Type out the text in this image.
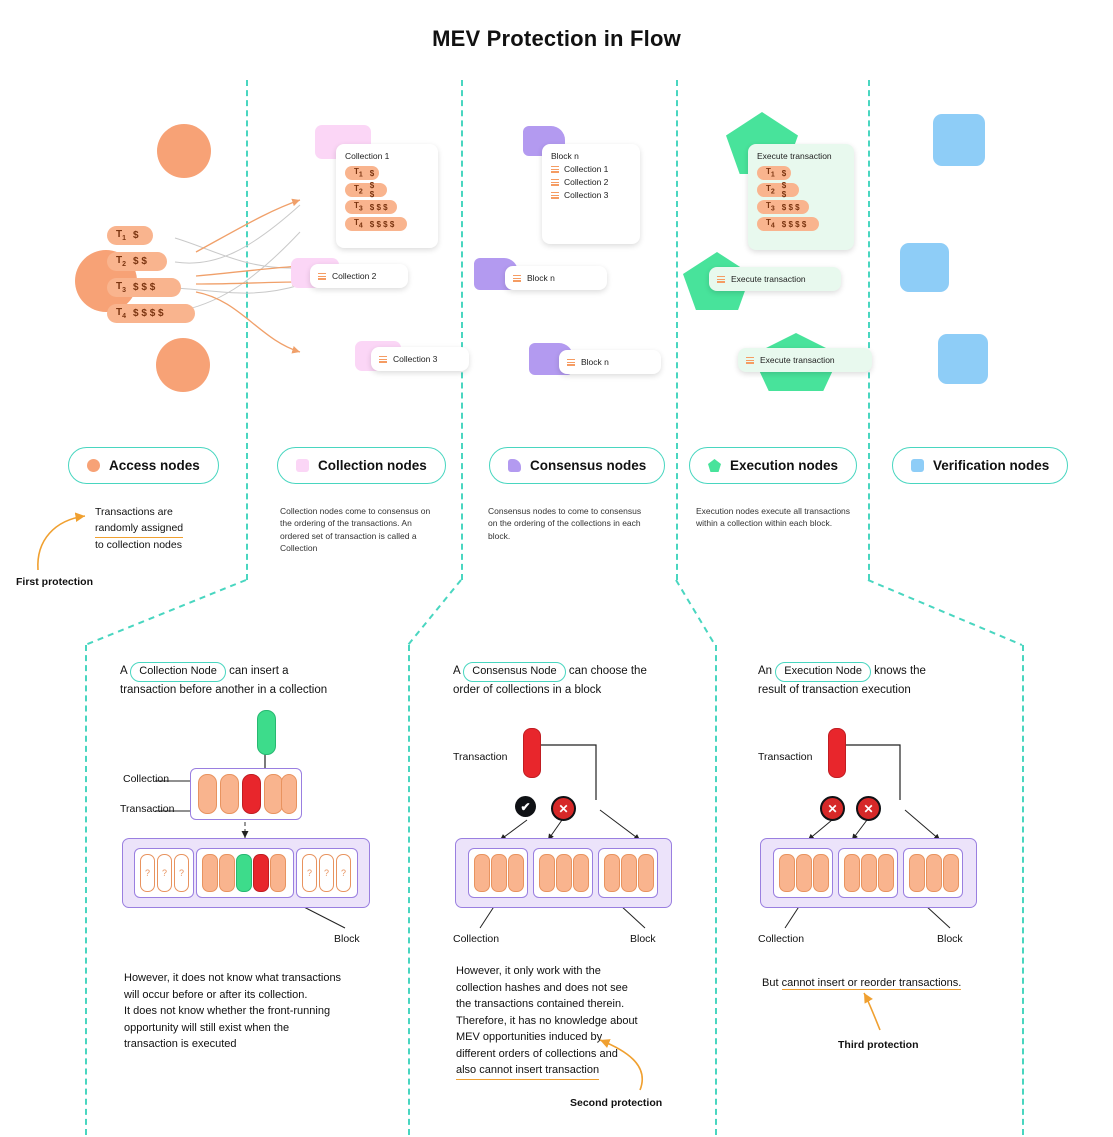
MEV Protection in Flow
$T_1$ $
$T_2$ $ $
$T_3$ $ $ $
$T_4$ $ $ $ $
Access nodes
Transactions are
randomly assigned
to collection nodes
First protection
Collection 1
T1 $
T2
$ $
T3 $ $ $
T4 $ $ $ $
Collection 2
Collection 3
Collection nodes
Collection nodes come to consensus on the ordering of the transactions. An ordered set of transaction is called a Collection
Block n
Collection 1
Collection 2
Collection 3
Block n
Block n
Consensus nodes
Consensus nodes to come to consensus on the ordering of the collections in each block.
Execute transaction
T1 $
T2
$ $
T3 $ $ $
T4 $ $ $ $
Execute transaction
Execute transaction
Execution nodes
Execution nodes execute all transactions within a collection within each block.
Verification nodes
A Collection Node can insert a
transaction before another in a collection
Collection
Transaction
?	?	?	?	?	?
Block
However, it does not know what transactions
will occur before or after its collection.
It does not know whether the front-running
opportunity will still exist when the
transaction is executed
A Consensus Node can choose the
order of collections in a block
Transaction
✔ ✕
Collection	Block
However, it only work with the
collection hashes and does not see
the transactions contained therein.
Therefore, it has no knowledge about
MEV opportunities induced by
different orders of collections and
also cannot insert transaction
Second protection
An Execution Node knows the
result of transaction execution
Transaction
✕ ✕
Collection	Block
But cannot insert or reorder transactions.
Third protection
